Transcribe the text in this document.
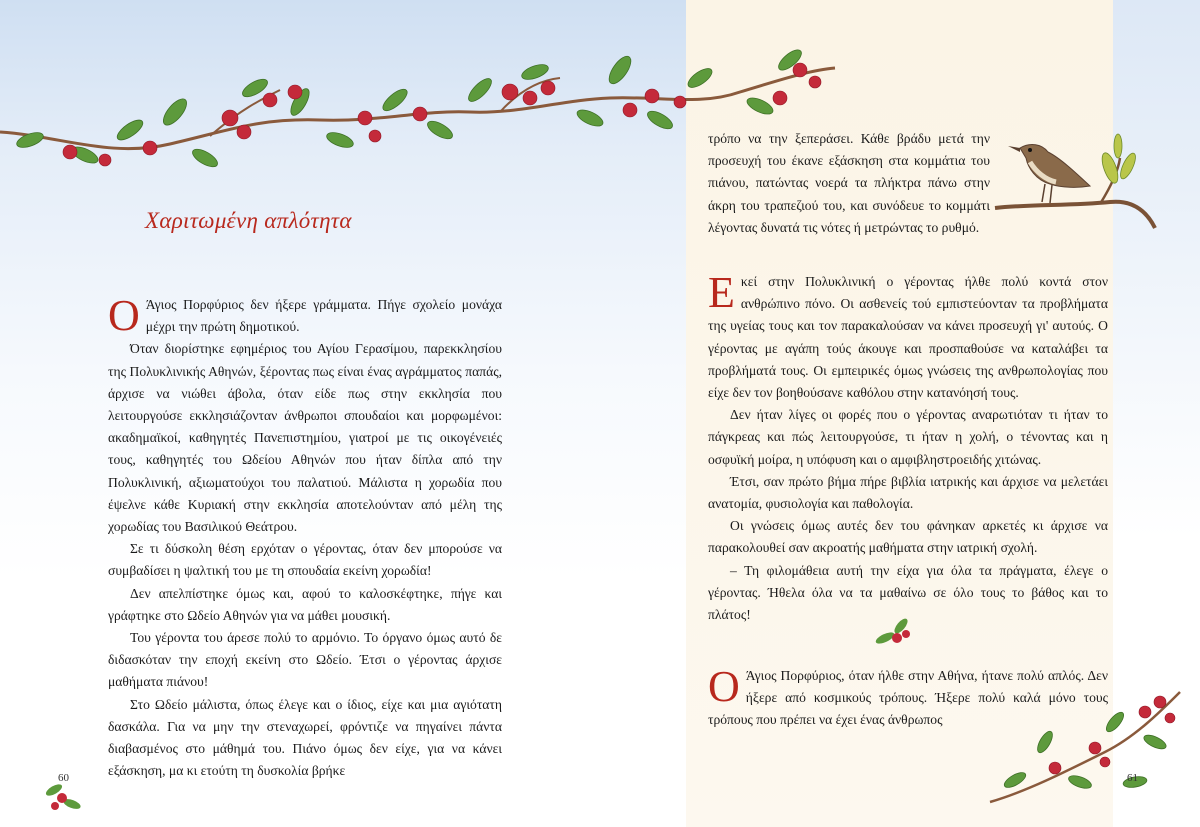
Χαριτωμένη απλότητα

Ο Άγιος Πορφύριος δεν ήξερε γράμματα. Πήγε σχολείο μονάχα μέχρι την πρώτη δημοτικού.

Όταν διορίστηκε εφημέριος του Αγίου Γερασίμου, παρεκκλησίου της Πολυκλινικής Αθηνών, ξέροντας πως είναι ένας αγράμματος παπάς, άρχισε να νιώθει άβολα, όταν είδε πως στην εκκλησία που λειτουργούσε εκκλησιάζονταν άνθρωποι σπουδαίοι και μορφωμένοι: ακαδημαϊκοί, καθηγητές Πανεπιστημίου, γιατροί με τις οικογένειές τους, καθηγητές του Ωδείου Αθηνών που ήταν δίπλα από την Πολυκλινική, αξιωματούχοι του παλατιού. Μάλιστα η χορωδία που έψελνε κάθε Κυριακή στην εκκλησία αποτελούνταν από μέλη της χορωδίας του Βασιλικού Θεάτρου.

Σε τι δύσκολη θέση ερχόταν ο γέροντας, όταν δεν μπορούσε να συμβαδίσει η ψαλτική του με τη σπουδαία εκείνη χορωδία!

Δεν απελπίστηκε όμως και, αφού το καλοσκέφτηκε, πήγε και γράφτηκε στο Ωδείο Αθηνών για να μάθει μουσική.

Του γέροντα του άρεσε πολύ το αρμόνιο. Το όργανο όμως αυτό δε διδασκόταν την εποχή εκείνη στο Ωδείο. Έτσι ο γέροντας άρχισε μαθήματα πιάνου!

Στο Ωδείο μάλιστα, όπως έλεγε και ο ίδιος, είχε και μια αγιότατη δασκάλα. Για να μην την στεναχωρεί, φρόντιζε να πηγαίνει πάντα διαβασμένος στο μάθημά του. Πιάνο όμως δεν είχε, για να κάνει εξάσκηση, μα κι ετούτη τη δυσκολία βρήκε

τρόπο να την ξεπεράσει. Κάθε βράδυ μετά την προσευχή του έκανε εξάσκηση στα κομμάτια του πιάνου, πατώντας νοερά τα πλήκτρα πάνω στην άκρη του τραπεζιού του, και συνόδευε το κομμάτι λέγοντας δυνατά τις νότες ή μετρώντας το ρυθμό.

Εκεί στην Πολυκλινική ο γέροντας ήλθε πολύ κοντά στον ανθρώπινο πόνο. Οι ασθενείς τού εμπιστεύονταν τα προβλήματα της υγείας τους και τον παρακαλούσαν να κάνει προσευχή γι' αυτούς. Ο γέροντας με αγάπη τούς άκουγε και προσπαθούσε να καταλάβει τα προβλήματά τους. Οι εμπειρικές όμως γνώσεις της ανθρωπολογίας που είχε δεν τον βοηθούσανε καθόλου στην κατανόησή τους.

Δεν ήταν λίγες οι φορές που ο γέροντας αναρωτιόταν τι ήταν το πάγκρεας και πώς λειτουργούσε, τι ήταν η χολή, ο τένοντας και η οσφυϊκή μοίρα, η υπόφυση και ο αμφιβληστροειδής χιτώνας.

Έτσι, σαν πρώτο βήμα πήρε βιβλία ιατρικής και άρχισε να μελετάει ανατομία, φυσιολογία και παθολογία.

Οι γνώσεις όμως αυτές δεν του φάνηκαν αρκετές κι άρχισε να παρακολουθεί σαν ακροατής μαθήματα στην ιατρική σχολή.

– Τη φιλομάθεια αυτή την είχα για όλα τα πράγματα, έλεγε ο γέροντας. Ήθελα όλα να τα μαθαίνω σε όλο τους το βάθος και το πλάτος!

Ο Άγιος Πορφύριος, όταν ήλθε στην Αθήνα, ήτανε πολύ απλός. Δεν ήξερε από κοσμικούς τρόπους. Ήξερε πολύ καλά μόνο τους τρόπους που πρέπει να έχει ένας άνθρωπος

60	61
